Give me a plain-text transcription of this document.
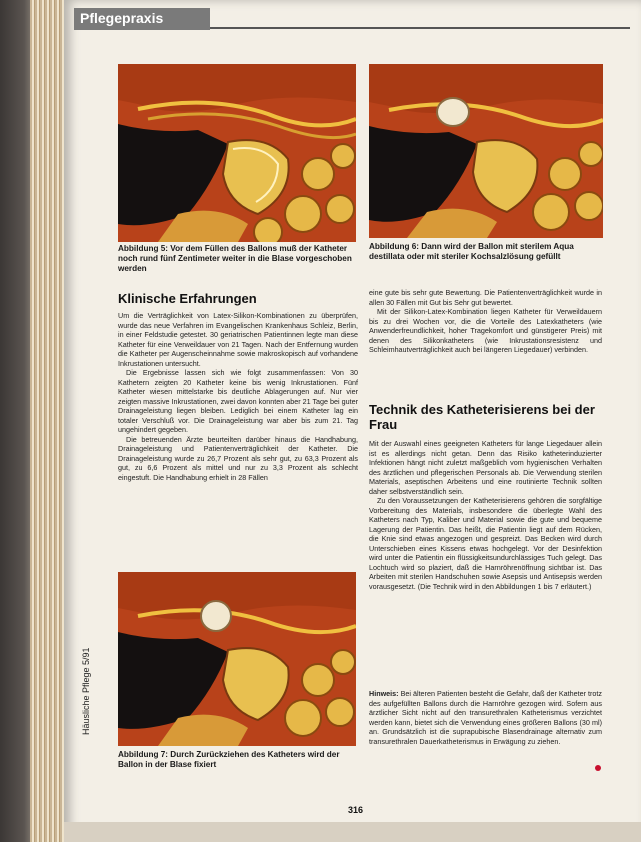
Pflegepraxis
Häusliche Pflege 5/91

Abbildung 5: Vor dem Füllen des Ballons muß der Katheter noch rund fünf Zentimeter weiter in die Blase vorgeschoben werden

Abbildung 6: Dann wird der Ballon mit sterilem Aqua destillata oder mit steriler Kochsalzlösung gefüllt

Klinische Erfahrungen

Um die Verträglichkeit von Latex-Silikon-Kombinationen zu überprüfen, wurde das neue Verfahren im Evangelischen Krankenhaus Schleiz, Berlin, in einer Feldstudie getestet. 30 geriatrischen Patientinnen legte man diese Katheter für eine Verweildauer von 21 Tagen. Nach der Entfernung wurden die Katheter per Augenscheinnahme sowie makroskopisch auf vorhandene Inkrustationen untersucht.

Die Ergebnisse lassen sich wie folgt zusammenfassen: Von 30 Kathetern zeigten 20 Katheter keine bis wenig Inkrustationen. Fünf Katheter wiesen mittelstarke bis deutliche Ablagerungen auf. Nur vier zeigten massive Inkrustationen, zwei davon konnten aber 21 Tage bei guter Drainageleistung liegen bleiben. Lediglich bei einem Katheter lag ein totaler Verschluß vor. Die Drainageleistung war aber bis zum 21. Tag ungehindert gegeben.

Die betreuenden Ärzte beurteilten darüber hinaus die Handhabung, Drainageleistung und Patientenverträglichkeit der Katheter. Die Drainageleistung wurde zu 26,7 Prozent als sehr gut, zu 63,3 Prozent als gut, zu 6,6 Prozent als mittel und nur zu 3,3 Prozent als schlecht eingestuft. Die Handhabung erhielt in 28 Fällen

Abbildung 7: Durch Zurückziehen des Katheters wird der Ballon in der Blase fixiert

eine gute bis sehr gute Bewertung. Die Patientenverträglichkeit wurde in allen 30 Fällen mit Gut bis Sehr gut bewertet.

Mit der Silikon-Latex-Kombination liegen Katheter für Verweildauern bis zu drei Wochen vor, die die Vorteile des Latexkatheters (wie Anwenderfreundlichkeit, hoher Tragekomfort und günstigerer Preis) mit denen des Silikonkatheters (wie Inkrustationsresistenz und Schleimhautverträglichkeit auch bei längeren Liegedauer) verbinden.

Technik des Katheterisierens bei der Frau

Mit der Auswahl eines geeigneten Katheters für lange Liegedauer allein ist es allerdings nicht getan. Denn das Risiko katheterinduzierter Infektionen hängt nicht zuletzt maßgeblich vom hygienischen Verhalten des ärztlichen und pflegerischen Personals ab. Die Verwendung sterilen Materials, aseptischen Arbeitens und eine routinierte Technik sollten daher selbstverständlich sein.

Zu den Voraussetzungen der Katheterisierens gehören die sorgfältige Vorbereitung des Materials, insbesondere die überlegte Wahl des Katheters nach Typ, Kaliber und Material sowie die gute und bequeme Lagerung der Patientin. Das heißt, die Patientin liegt auf dem Rücken, die Knie sind etwas angezogen und gespreizt. Das Becken wird durch Unterschieben eines Kissens etwas hochgelegt. Vor der Desinfektion wird unter die Patientin ein flüssigkeitsundurchlässiges Tuch gelegt. Das Lochtuch wird so plaziert, daß die Harnröhrenöffnung sichtbar ist. Das Arbeiten mit sterilen Handschuhen sowie Asepsis und Antisepsis werden vorausgesetzt. (Die Technik wird in den Abbildungen 1 bis 7 erläutert.)

Hinweis: Bei älteren Patienten besteht die Gefahr, daß der Katheter trotz des aufgefüllten Ballons durch die Harnröhre gezogen wird. Sofern aus ärztlicher Sicht nicht auf den transurethralen Katheterismus verzichtet werden kann, bietet sich die Verwendung eines größeren Ballons (30 ml) an. Grundsätzlich ist die suprapubische Blasendrainage alternativ zum transurethralen Dauerkatheterismus in Erwägung zu ziehen.
316
